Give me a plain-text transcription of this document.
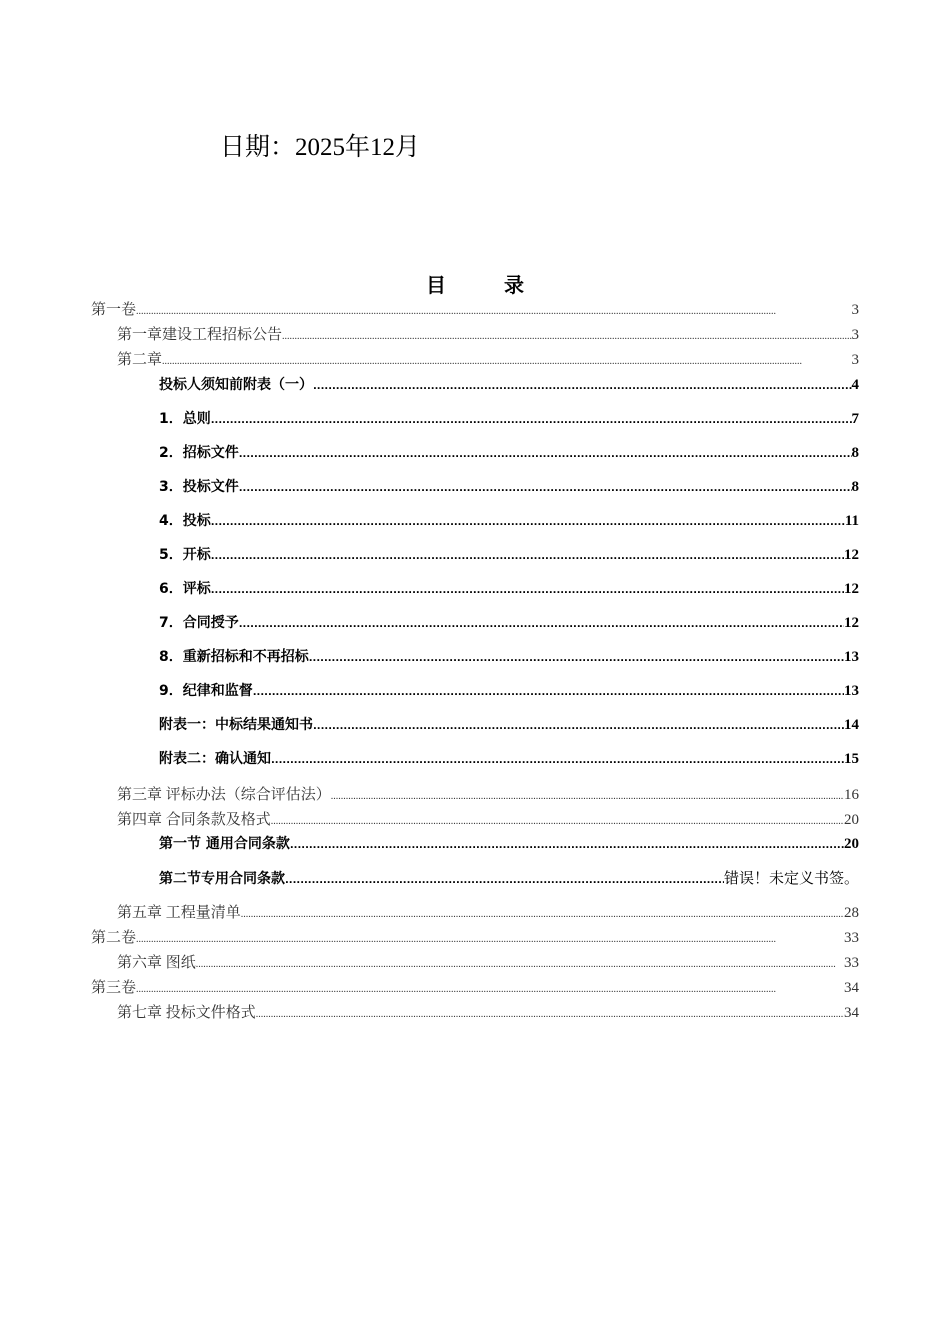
日期：2025年12月
目	录
第一卷 .....	3
第一章建设工程招标公告 .....	3
第二章 .....	3
投标人须知前附表（一） .....	4
1．总则 .....	7
2．招标文件 .....	8
3．投标文件 .....	8
4．投标 .....	11
5．开标 .....	12
6．评标 .....	12
7．合同授予 .....	12
8．重新招标和不再招标 .....	13
9．纪律和监督 .....	13
附表一：中标结果通知书 .....	14
附表二：确认通知 .....	15
第三章 评标办法（综合评估法） .....	16
第四章 合同条款及格式 .....	20
第一节 通用合同条款 .....	20
第二节专用合同条款 .....	错误！未定义书签。
第五章 工程量清单 .....	28
第二卷 .....	33
第六章 图纸 .....	33
第三卷 .....	34
第七章 投标文件格式 .....	34
